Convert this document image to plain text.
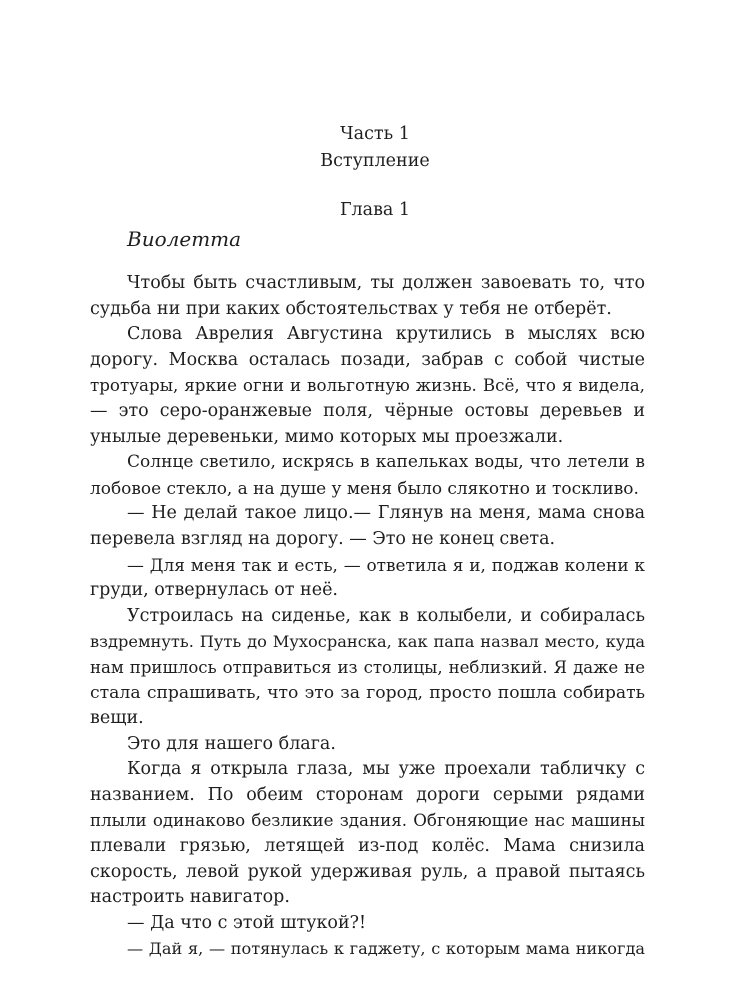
Часть 1

Вступление

Глава 1

Виолетта

Чтобы быть счастливым, ты должен завоевать то, что
судьба ни при каких обстоятельствах у тебя не отберёт.
Слова Аврелия Августина крутились в мыслях всю
дорогу. Москва осталась позади, забрав с собой чистые
тротуары, яркие огни и вольготную жизнь. Всё, что я видела,
— это серо-оранжевые поля, чёрные остовы деревьев и
унылые деревеньки, мимо которых мы проезжали.
Солнце светило, искрясь в капельках воды, что летели в
лобовое стекло, а на душе у меня было слякотно и тоскливо.
— Не делай такое лицо.— Глянув на меня, мама снова
перевела взгляд на дорогу. — Это не конец света.
— Для меня так и есть, — ответила я и, поджав колени к
груди, отвернулась от неё.
Устроилась на сиденье, как в колыбели, и собиралась
вздремнуть. Путь до Мухосранска, как папа назвал место, куда
нам пришлось отправиться из столицы, неблизкий. Я даже не
стала спрашивать, что это за город, просто пошла собирать
вещи.
Это для нашего блага.
Когда я открыла глаза, мы уже проехали табличку с
названием. По обеим сторонам дороги серыми рядами
плыли одинаково безликие здания. Обгоняющие нас машины
плевали грязью, летящей из-под колёс. Мама снизила
скорость, левой рукой удерживая руль, а правой пытаясь
настроить навигатор.
— Да что с этой штукой?!
— Дай я, — потянулась к гаджету, с которым мама никогда
